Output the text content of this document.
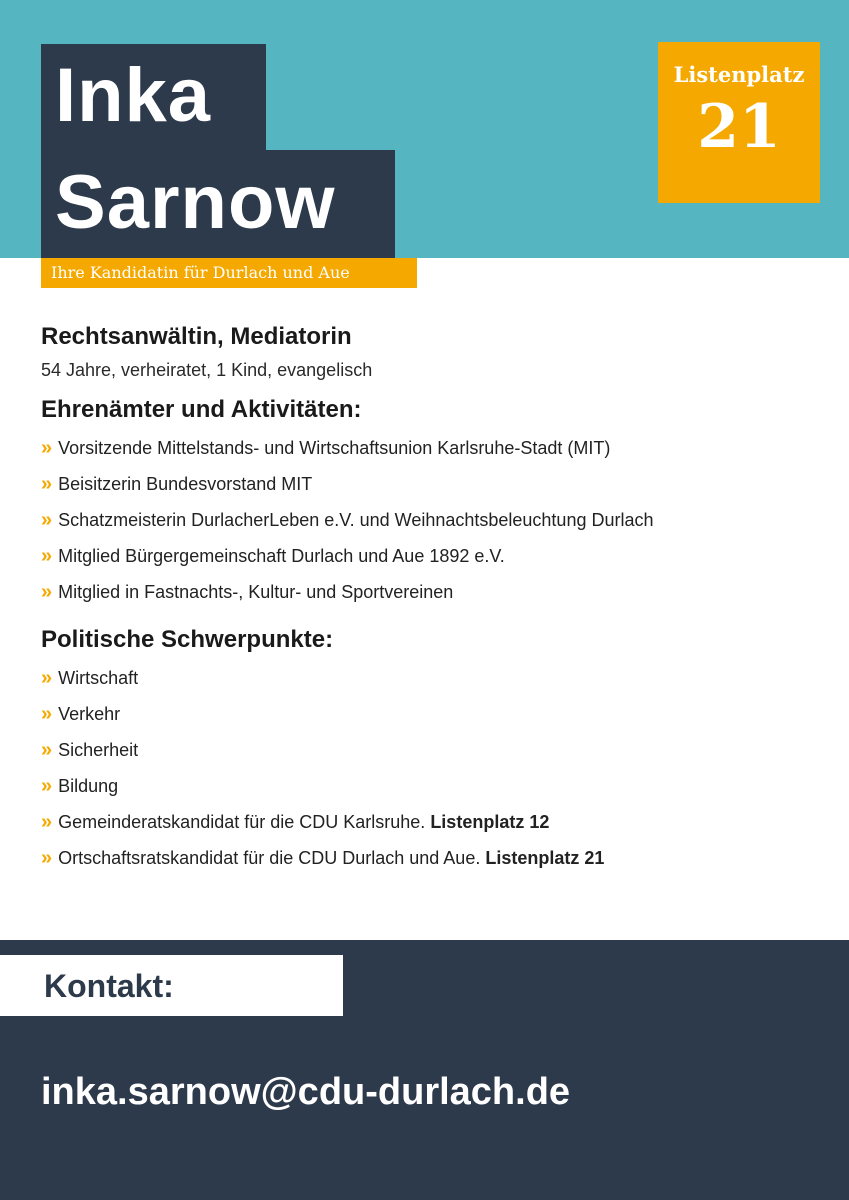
Inka
Sarnow
Ihre Kandidatin für Durlach und Aue
Listenplatz
21

Rechtsanwältin, Mediatorin

54 Jahre, verheiratet, 1 Kind, evangelisch

Ehrenämter und Aktivitäten:
» Vorsitzende Mittelstands- und Wirtschaftsunion Karlsruhe-Stadt (MIT)
» Beisitzerin Bundesvorstand MIT
» Schatzmeisterin DurlacherLeben e.V. und Weihnachtsbeleuchtung Durlach
» Mitglied Bürgergemeinschaft Durlach und Aue 1892 e.V.
» Mitglied in Fastnachts-, Kultur- und Sportvereinen
Politische Schwerpunkte:
» Wirtschaft
» Verkehr
» Sicherheit
» Bildung
» Gemeinderatskandidat für die CDU Karlsruhe. Listenplatz 12
» Ortschaftsratskandidat für die CDU Durlach und Aue. Listenplatz 21
Kontakt:
inka.sarnow@cdu-durlach.de
